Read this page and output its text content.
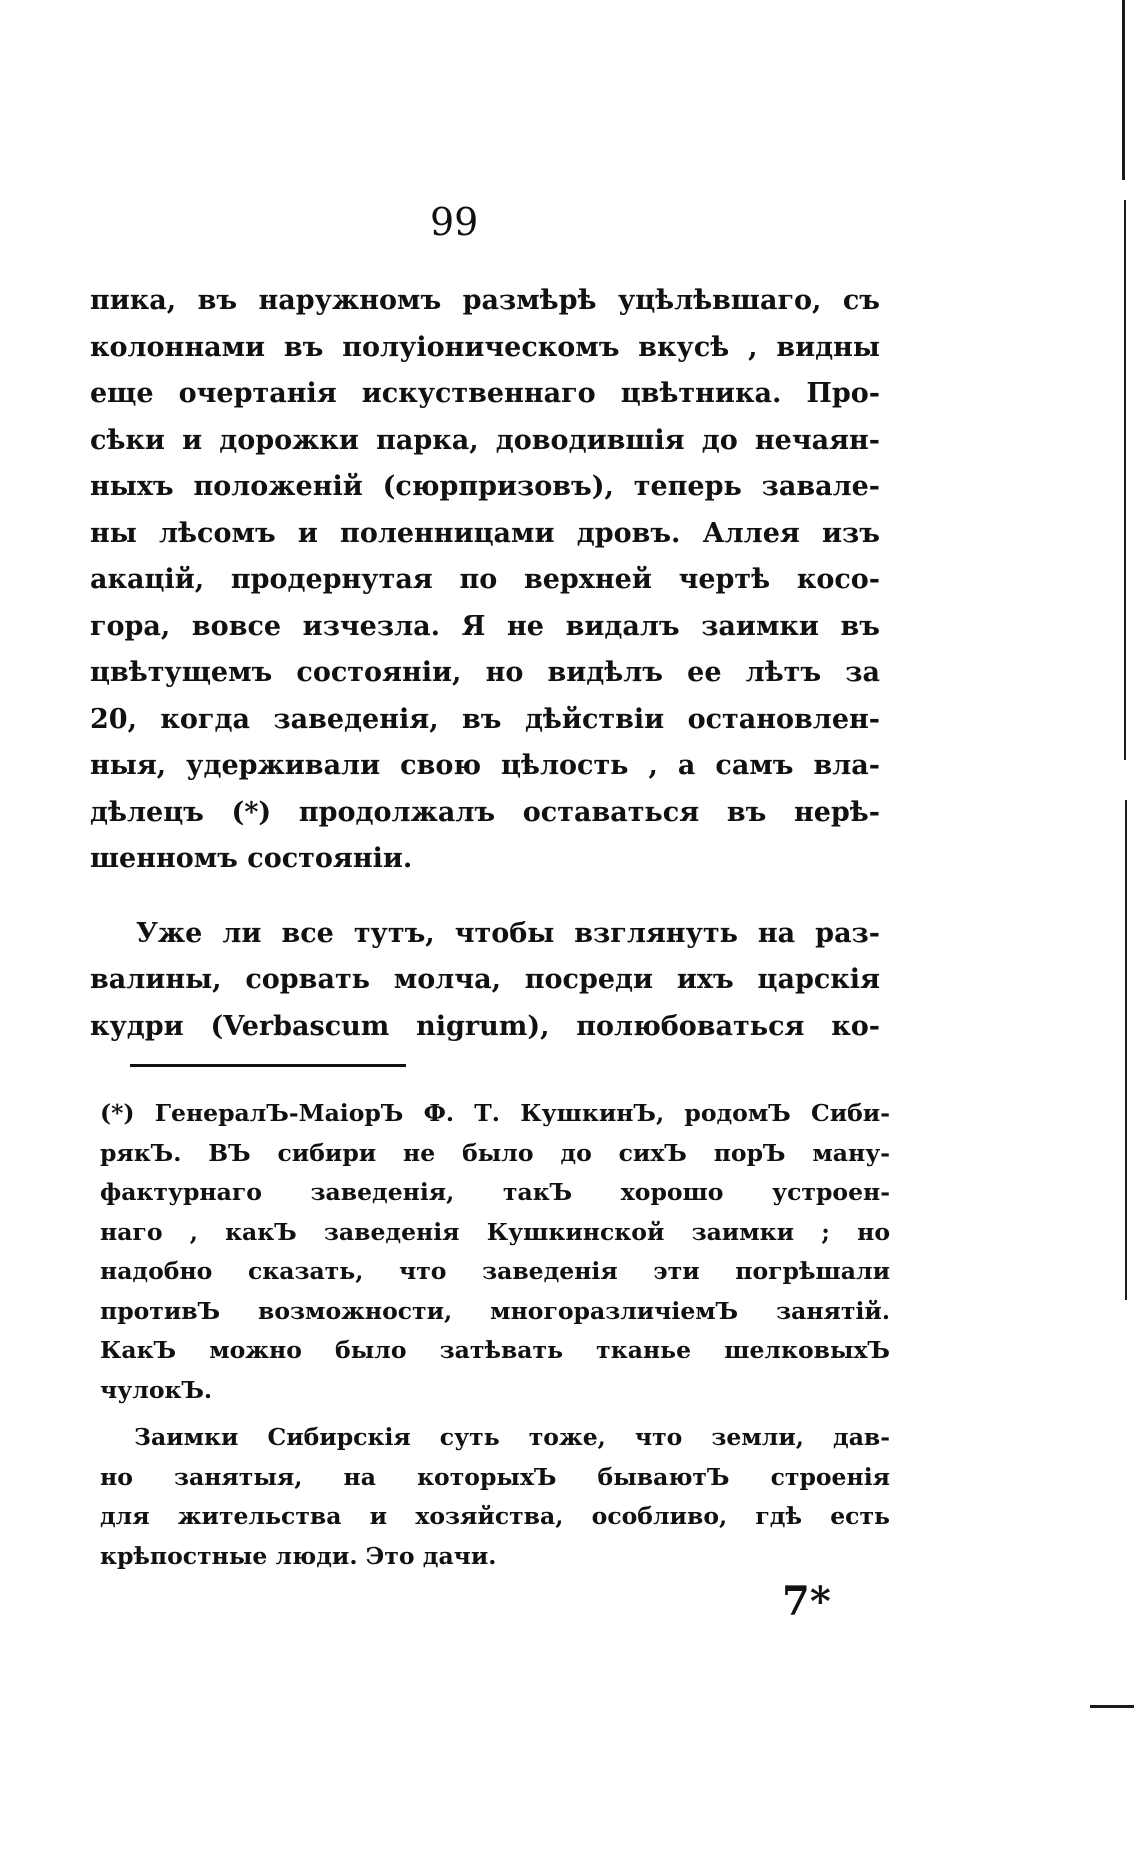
99
пика, въ наружномъ размѣрѣ уцѣлѣвшаго, съ
колоннами въ полуіоническомъ вкусѣ , видны
еще очертанія искуственнаго цвѣтника. Про-
сѣки и дорожки парка, доводившія до нечаян-
ныхъ положеній (сюрпризовъ), теперь завале-
ны лѣсомъ и поленницами дровъ. Аллея изъ
акацій, продернутая по верхней чертѣ косо-
гора, вовсе изчезла. Я не видалъ заимки въ
цвѣтущемъ состояніи, но видѣлъ ее лѣтъ за
20, когда заведенія, въ дѣйствіи остановлен-
ныя, удерживали свою цѣлость , а самъ вла-
дѣлецъ (*) продолжалъ оставаться въ нерѣ-
шенномъ состояніи.
Уже ли все тутъ, чтобы взглянуть на раз-
валины, сорвать молча, посреди ихъ царскія
кудри (Verbascum nigrum), полюбоваться ко-
(*) ГенералЪ-МаіорЪ Ф. Т. КушкинЪ, родомЪ Сиби-
рякЪ. ВЪ сибири не было до сихЪ порЪ ману-
фактурнаго заведенія, такЪ хорошо устроен-
наго , какЪ заведенія Кушкинской заимки ; но
надобно сказать, что заведенія эти погрѣшали
противЪ возможности, многоразличіемЪ занятій.
КакЪ можно было затѣвать тканье шелковыхЪ
чулокЪ.
Заимки Сибирскія суть тоже, что земли, дав-
но занятыя, на которыхЪ бываютЪ строенія
для жительства и хозяйства, особливо, гдѣ есть
крѣпостные люди. Это дачи.
7*
